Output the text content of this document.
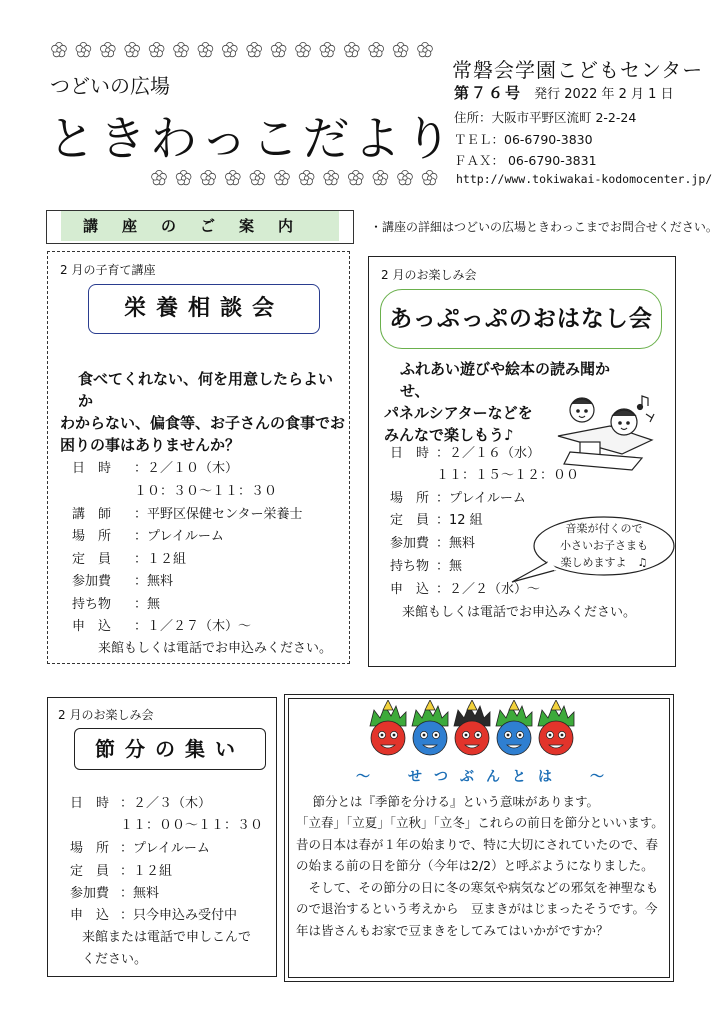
つどいの広場
ときわっこだより
常磐会学園こどもセンター
第７６号 発行 2022 年 2 月 1 日
住所：大阪市平野区流町 2-2-24
ＴＥＬ：06-6790-3830
ＦＡＸ： 06-6790-3831
http://www.tokiwakai-kodomocenter.jp/
講座のご案内	・講座の詳細はつどいの広場ときわっこまでお問合せください。
2 月の子育て講座
栄養相談会
食べてくれない、何を用意したらよいか
わからない、偏食等、お子さんの食事でお
困りの事はありませんか？
日　時 ：２／１０（木）
１０：３０～１１：３０
講　師 ：平野区保健センター栄養士
場　所 ：プレイルーム
定　員 ：１２組
参加費 ：無料
持ち物 ：無
申　込 ：１／２７（木）～
来館もしくは電話でお申込みください。
2 月のお楽しみ会
あっぷっぷのおはなし会
ふれあい遊びや絵本の読み聞かせ、
パネルシアターなどを
みんなで楽しもう♪
日　時 ：２／１６（水）
１１：１５～１２：００
場　所 ：プレイルーム
定　員 ：12 組
参加費 ：無料
持ち物 ：無
申　込 ：２／２（水）～
来館もしくは電話でお申込みください。
音楽が付くので
小さいお子さまも
楽しめますよ　♫
2 月のお楽しみ会
節分の集い
日　時 ：２／３（木）
１１：００～１１：３０
場　所 ：プレイルーム
定　員 ：１２組
参加費 ：無料
申　込 ：只今申込み受付中
来館または電話で申しこんで
ください。
～　せつぶんとは　～
　節分とは『季節を分ける』という意味があります。
「立春」「立夏」「立秋」「立冬」これらの前日を節分といいます。
昔の日本は春が１年の始まりで、特に大切にされていたので、春
の始まる前の日を節分（今年は2/2）と呼ぶようになりました。
　そして、その節分の日に冬の寒気や病気などの邪気を神聖なも
ので退治するという考えから　豆まきがはじまったそうです。今
年は皆さんもお家で豆まきをしてみてはいかがですか？
